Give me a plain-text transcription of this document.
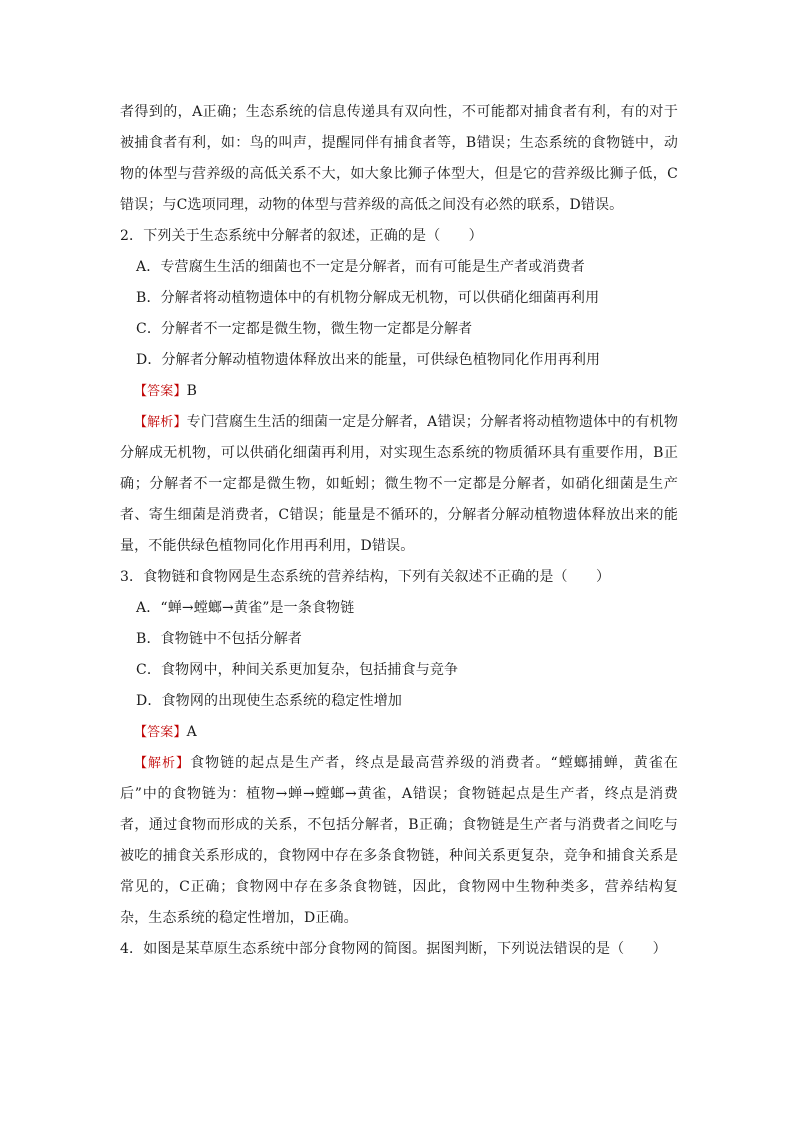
者得到的，A正确；生态系统的信息传递具有双向性，不可能都对捕食者有利，有的对于被捕食者有利，如：鸟的叫声，提醒同伴有捕食者等，B错误；生态系统的食物链中，动物的体型与营养级的高低关系不大，如大象比狮子体型大，但是它的营养级比狮子低，C错误；与C选项同理，动物的体型与营养级的高低之间没有必然的联系，D错误。

2．下列关于生态系统中分解者的叙述，正确的是（　　）

A．专营腐生生活的细菌也不一定是分解者，而有可能是生产者或消费者

B．分解者将动植物遗体中的有机物分解成无机物，可以供硝化细菌再利用

C．分解者不一定都是微生物，微生物一定都是分解者

D．分解者分解动植物遗体释放出来的能量，可供绿色植物同化作用再利用

【答案】B

【解析】专门营腐生生活的细菌一定是分解者，A错误；分解者将动植物遗体中的有机物分解成无机物，可以供硝化细菌再利用，对实现生态系统的物质循环具有重要作用，B正确；分解者不一定都是微生物，如蚯蚓；微生物不一定都是分解者，如硝化细菌是生产者、寄生细菌是消费者，C错误；能量是不循环的，分解者分解动植物遗体释放出来的能量，不能供绿色植物同化作用再利用，D错误。

3．食物链和食物网是生态系统的营养结构，下列有关叙述不正确的是（　　）

A．“蝉→螳螂→黄雀”是一条食物链

B．食物链中不包括分解者

C．食物网中，种间关系更加复杂，包括捕食与竞争

D．食物网的出现使生态系统的稳定性增加

【答案】A

【解析】食物链的起点是生产者，终点是最高营养级的消费者。“螳螂捕蝉，黄雀在后”中的食物链为：植物→蝉→螳螂→黄雀，A错误；食物链起点是生产者，终点是消费者，通过食物而形成的关系，不包括分解者，B正确；食物链是生产者与消费者之间吃与被吃的捕食关系形成的，食物网中存在多条食物链，种间关系更复杂，竞争和捕食关系是常见的，C正确；食物网中存在多条食物链，因此，食物网中生物种类多，营养结构复杂，生态系统的稳定性增加，D正确。

4．如图是某草原生态系统中部分食物网的简图。据图判断，下列说法错误的是（　　）
